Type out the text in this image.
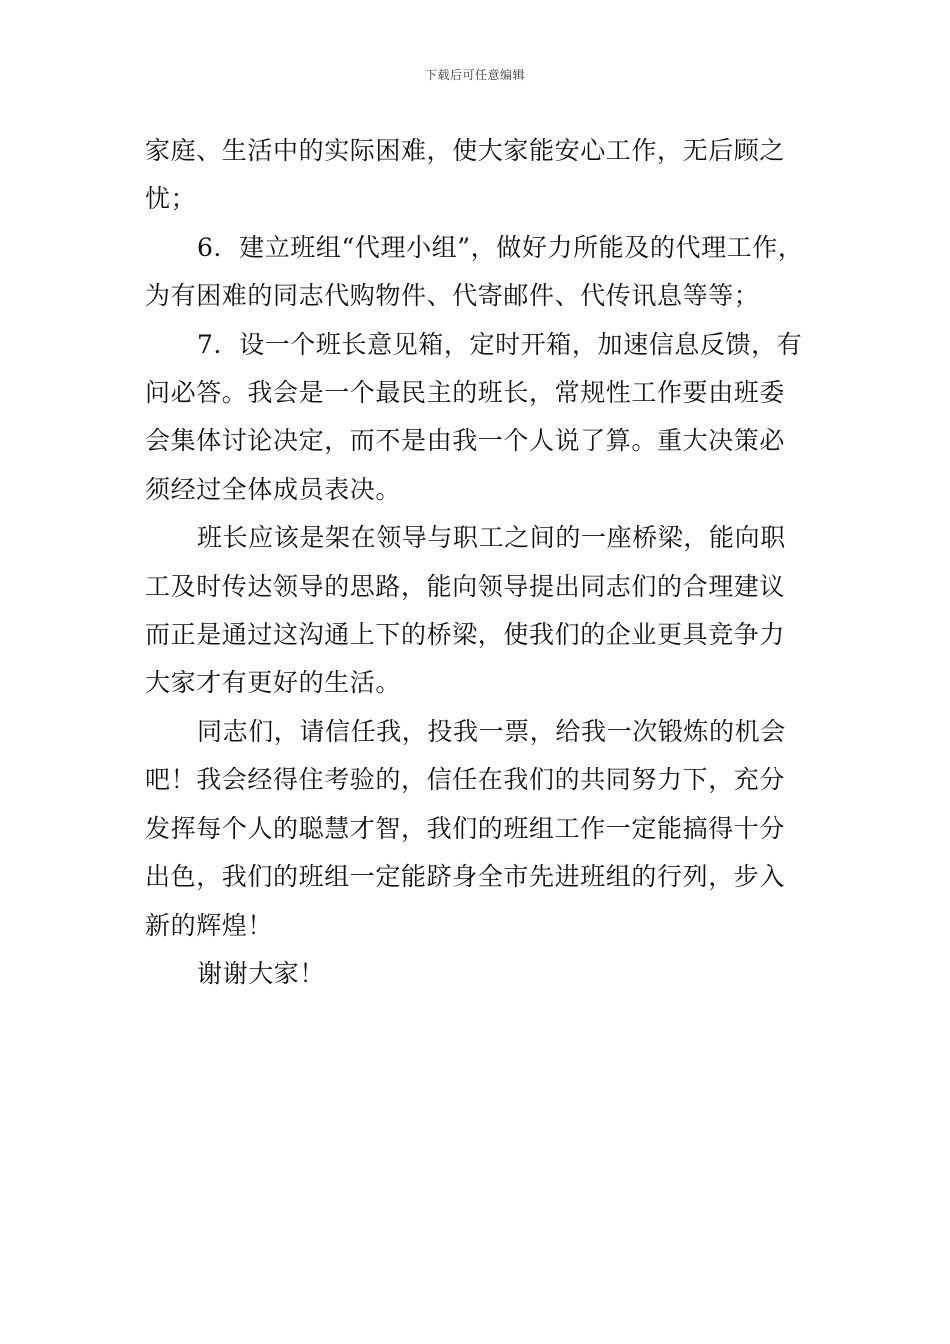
下载后可任意编辑

家庭、生活中的实际困难，使大家能安心工作，无后顾之忧；

6．建立班组“代理小组”，做好力所能及的代理工作，为有困难的同志代购物件、代寄邮件、代传讯息等等；

7．设一个班长意见箱，定时开箱，加速信息反馈，有问必答。我会是一个最民主的班长，常规性工作要由班委会集体讨论决定，而不是由我一个人说了算。重大决策必须经过全体成员表决。

班长应该是架在领导与职工之间的一座桥梁，能向职工及时传达领导的思路，能向领导提出同志们的合理建议而正是通过这沟通上下的桥梁，使我们的企业更具竞争力大家才有更好的生活。

同志们，请信任我，投我一票，给我一次锻炼的机会吧！我会经得住考验的，信任在我们的共同努力下，充分发挥每个人的聪慧才智，我们的班组工作一定能搞得十分出色，我们的班组一定能跻身全市先进班组的行列，步入新的辉煌！

谢谢大家！
